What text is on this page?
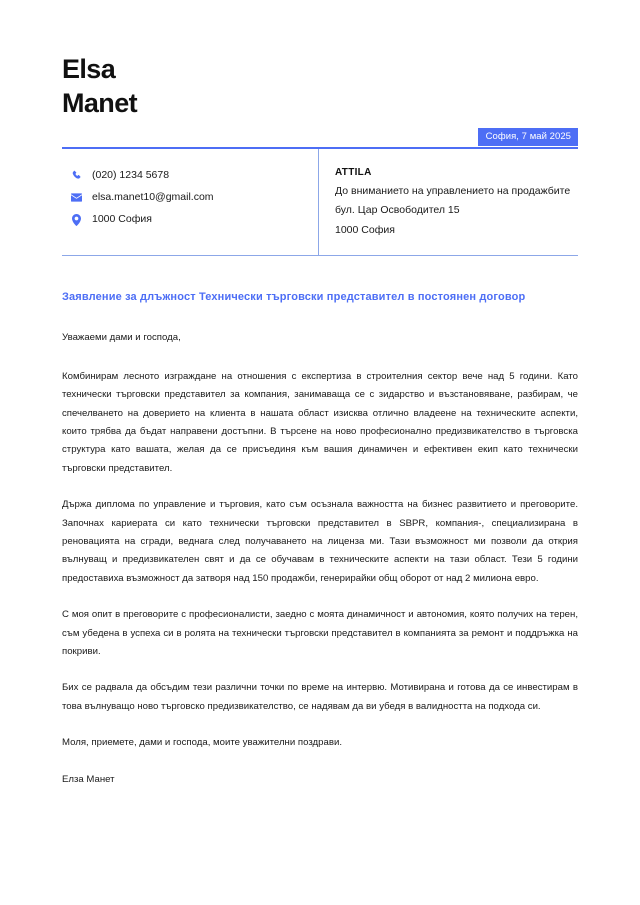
Elsa
Manet
София, 7 май 2025
(020) 1234 5678
elsa.manet10@gmail.com
1000 София
ATTILA
До вниманието на управлението на продажбите
бул. Цар Освободител 15
1000 София
Заявление за длъжност Технически търговски представител в постоянен договор

Уважаеми дами и господа,

Комбинирам лесното изграждане на отношения с експертиза в строителния сектор вече над 5 години. Като технически търговски представител за компания, занимаваща се с зидарство и възстановяване, разбирам, че спечелването на доверието на клиента в нашата област изисква отлично владеене на техническите аспекти, които трябва да бъдат направени достъпни. В търсене на ново професионално предизвикателство в търговска структура като вашата, желая да се присъединя към вашия динамичен и ефективен екип като технически търговски представител.

Държа диплома по управление и търговия, като съм осъзнала важността на бизнес развитието и преговорите. Започнах кариерата си като технически търговски представител в SBPR, компания-, специализирана в реновацията на сгради, веднага след получаването на лицензa ми. Тази възможност ми позволи да открия вълнуващ и предизвикателен свят и да се обучавам в техническите аспекти на тази област. Тези 5 години предоставиха възможност да затворя над 150 продажби, генерирайки общ оборот от над 2 милиона евро.

С моя опит в преговорите с професионалисти, заедно с моята динамичност и автономия, която получих на терен, съм убедена в успеха си в ролята на технически търговски представител в компанията за ремонт и поддръжка на покриви.

Бих се радвала да обсъдим тези различни точки по време на интервю. Мотивирана и готова да се инвестирам в това вълнуващо ново търговско предизвикателство, се надявам да ви убедя в валидността на подхода си.

Моля, приемете, дами и господа, моите уважителни поздрави.

Елза Манет
